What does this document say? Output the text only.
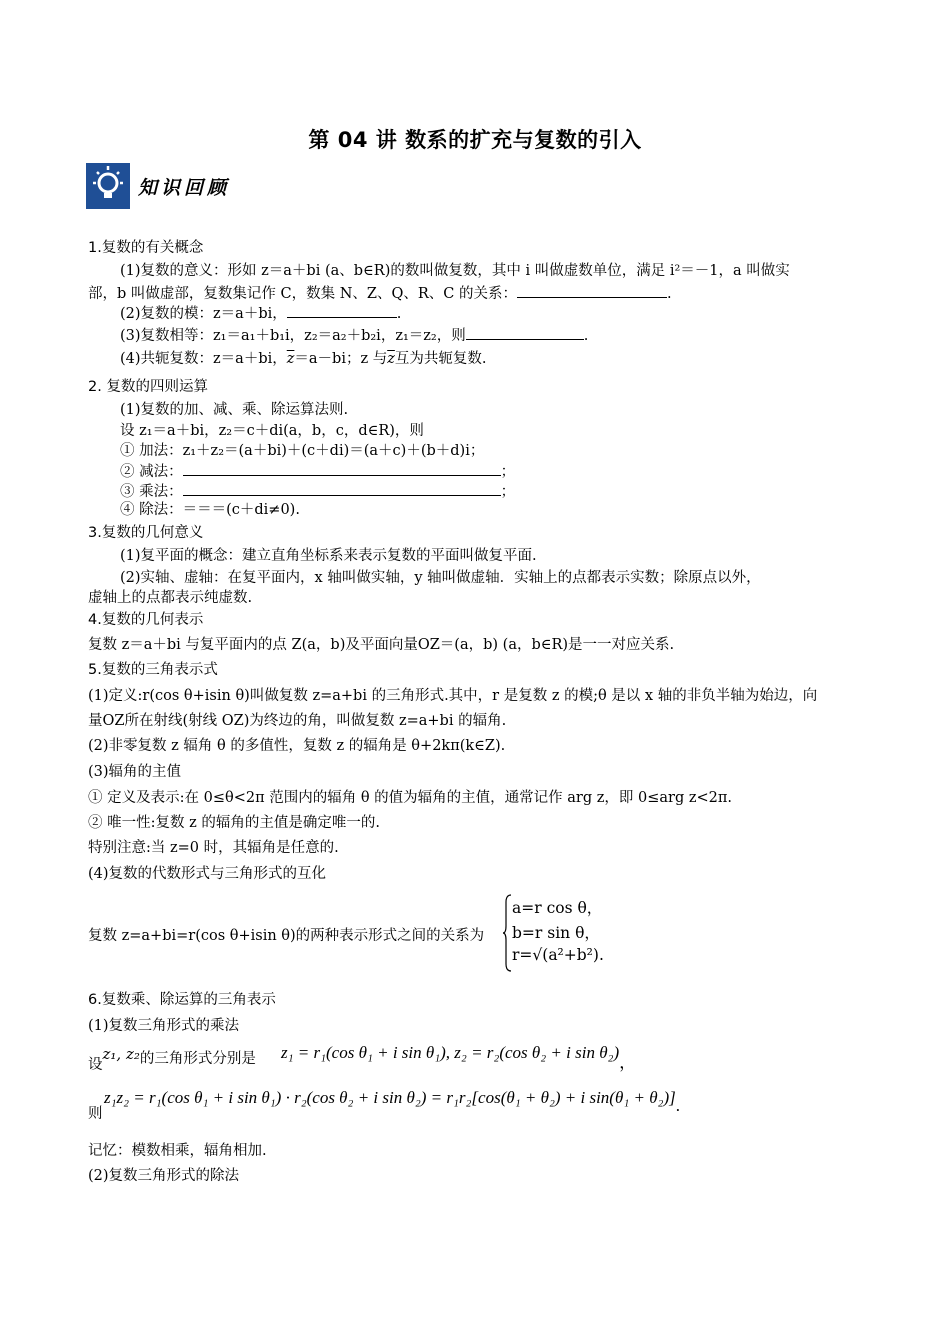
第 04 讲 数系的扩充与复数的引入
知识回顾
1.复数的有关概念
(1)复数的意义：形如 z＝a＋bi (a、b∈R)的数叫做复数，其中 i 叫做虚数单位，满足 i²＝－1，a 叫做实
部，b 叫做虚部，复数集记作 C，数集 N、Z、Q、R、C 的关系：	.
(2)复数的模：z＝a＋bi，	.
(3)复数相等：z₁＝a₁＋b₁i，z₂＝a₂＋b₂i，z₁＝z₂，则	.
(4)共轭复数：z＝a＋bi，$\overline{z}=a-bi$；z 与$\overline{z}$互为共轭复数.
2. 复数的四则运算
(1)复数的加、减、乘、除运算法则.
设 z₁＝a＋bi，z₂＝c＋di(a，b，c，d∈R)，则
① 加法：z₁＋z₂＝(a＋bi)＋(c＋di)＝(a＋c)＋(b＋d)i；
② 减法：	；
③ 乘法：	；
④ 除法：＝＝＝(c＋di≠0).
3.复数的几何意义
(1)复平面的概念：建立直角坐标系来表示复数的平面叫做复平面.
(2)实轴、虚轴：在复平面内，x 轴叫做实轴，y 轴叫做虚轴．实轴上的点都表示实数；除原点以外，
虚轴上的点都表示纯虚数.
4.复数的几何表示
复数 z＝a＋bi 与复平面内的点 Z(a，b)及平面向量OZ＝(a，b) (a，b∈R)是一一对应关系.
5.复数的三角表示式
(1)定义:r(cos θ+isin θ)叫做复数 z=a+bi 的三角形式.其中，r 是复数 z 的模;θ 是以 x 轴的非负半轴为始边，向
量OZ所在射线(射线 OZ)为终边的角，叫做复数 z=a+bi 的辐角.
(2)非零复数 z 辐角 θ 的多值性，复数 z 的辐角是 θ+2kπ(k∈Z).
(3)辐角的主值
① 定义及表示:在 0≤θ<2π 范围内的辐角 θ 的值为辐角的主值，通常记作 arg z，即 0≤arg z<2π.
② 唯一性:复数 z 的辐角的主值是确定唯一的.
特别注意:当 z=0 时，其辐角是任意的.
(4)复数的代数形式与三角形式的互化
复数 z=a+bi=r(cos θ+isin θ)的两种表示形式之间的关系为
a=r cos θ，
b=r sin θ，
r=√(a²+b²).
6.复数乘、除运算的三角表示
(1)复数三角形式的乘法
设z₁, z₂的三角形式分别是 z₁ = r₁(cos θ₁ + i sin θ₁), z₂ = r₂(cos θ₂ + i sin θ₂)，
则
z₁z₂ = r₁(cos θ₁ + i sin θ₁) · r₂(cos θ₂ + i sin θ₂) = r₁r₂[cos(θ₁ + θ₂) + i sin(θ₁ + θ₂)].
记忆：模数相乘，辐角相加.
(2)复数三角形式的除法
